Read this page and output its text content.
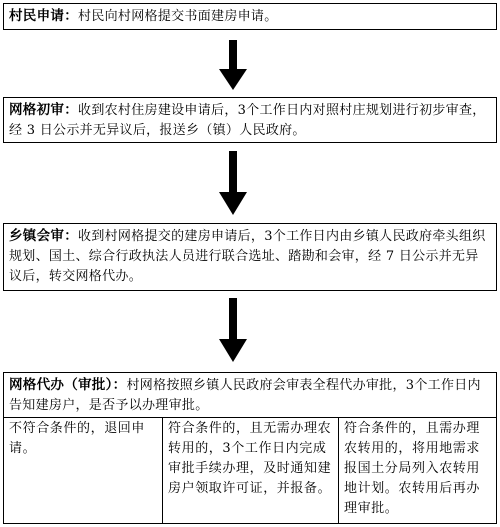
村民申请：村民向村网格提交书面建房申请。
网格初审：收到农村住房建设申请后，3个工作日内对照村庄规划进行初步审查，经 3 日公示并无异议后，报送乡（镇）人民政府。
乡镇会审：收到村网格提交的建房申请后，3个工作日内由乡镇人民政府牵头组织规划、国土、综合行政执法人员进行联合选址、踏勘和会审，经 7 日公示并无异议后，转交网格代办。
网格代办（审批）：村网格按照乡镇人民政府会审表全程代办审批，3个工作日内告知建房户，是否予以办理审批。
不符合条件的，退回申请。
符合条件的，且无需办理农转用的，3个工作日内完成审批手续办理，及时通知建房户领取许可证，并报备。
符合条件的，且需办理农转用的，将用地需求报国土分局列入农转用地计划。农转用后再办理审批。
